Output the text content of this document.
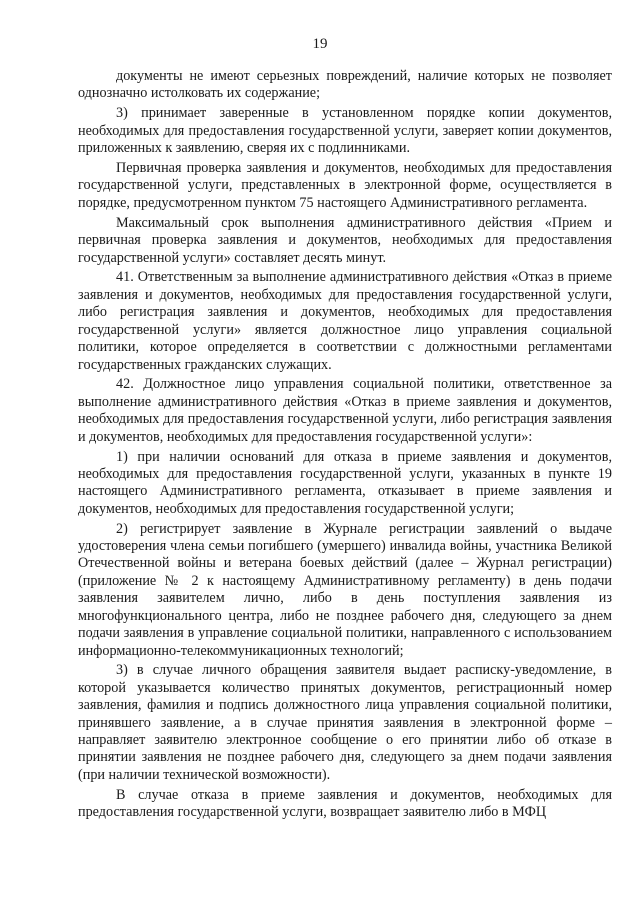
19

документы не имеют серьезных повреждений, наличие которых не позволяет однозначно истолковать их содержание;

3) принимает заверенные в установленном порядке копии документов, необходимых для предоставления государственной услуги, заверяет копии документов, приложенных к заявлению, сверяя их с подлинниками.

Первичная проверка заявления и документов, необходимых для предоставления государственной услуги, представленных в электронной форме, осуществляется в порядке, предусмотренном пунктом 75 настоящего Административного регламента.

Максимальный срок выполнения административного действия «Прием и первичная проверка заявления и документов, необходимых для предоставления государственной услуги» составляет десять минут.

41. Ответственным за выполнение административного действия «Отказ в приеме заявления и документов, необходимых для предоставления государственной услуги, либо регистрация заявления и документов, необходимых для предоставления государственной услуги» является должностное лицо управления социальной политики, которое определяется в соответствии с должностными регламентами государственных гражданских служащих.

42. Должностное лицо управления социальной политики, ответственное за выполнение административного действия «Отказ в приеме заявления и документов, необходимых для предоставления государственной услуги, либо регистрация заявления и документов, необходимых для предоставления государственной услуги»:

1) при наличии оснований для отказа в приеме заявления и документов, необходимых для предоставления государственной услуги, указанных в пункте 19 настоящего Административного регламента, отказывает в приеме заявления и документов, необходимых для предоставления государственной услуги;

2) регистрирует заявление в Журнале регистрации заявлений о выдаче удостоверения члена семьи погибшего (умершего) инвалида войны, участника Великой Отечественной войны и ветерана боевых действий (далее – Журнал регистрации) (приложение № 2 к настоящему Административному регламенту) в день подачи заявления заявителем лично, либо в день поступления заявления из многофункционального центра, либо не позднее рабочего дня, следующего за днем подачи заявления в управление социальной политики, направленного с использованием информационно-телекоммуникационных технологий;

3) в случае личного обращения заявителя выдает расписку-уведомление, в которой указывается количество принятых документов, регистрационный номер заявления, фамилия и подпись должностного лица управления социальной политики, принявшего заявление, а в случае принятия заявления в электронной форме – направляет заявителю электронное сообщение о его принятии либо об отказе в принятии заявления не позднее рабочего дня, следующего за днем подачи заявления (при наличии технической возможности).

В случае отказа в приеме заявления и документов, необходимых для предоставления государственной услуги, возвращает заявителю либо в МФЦ
